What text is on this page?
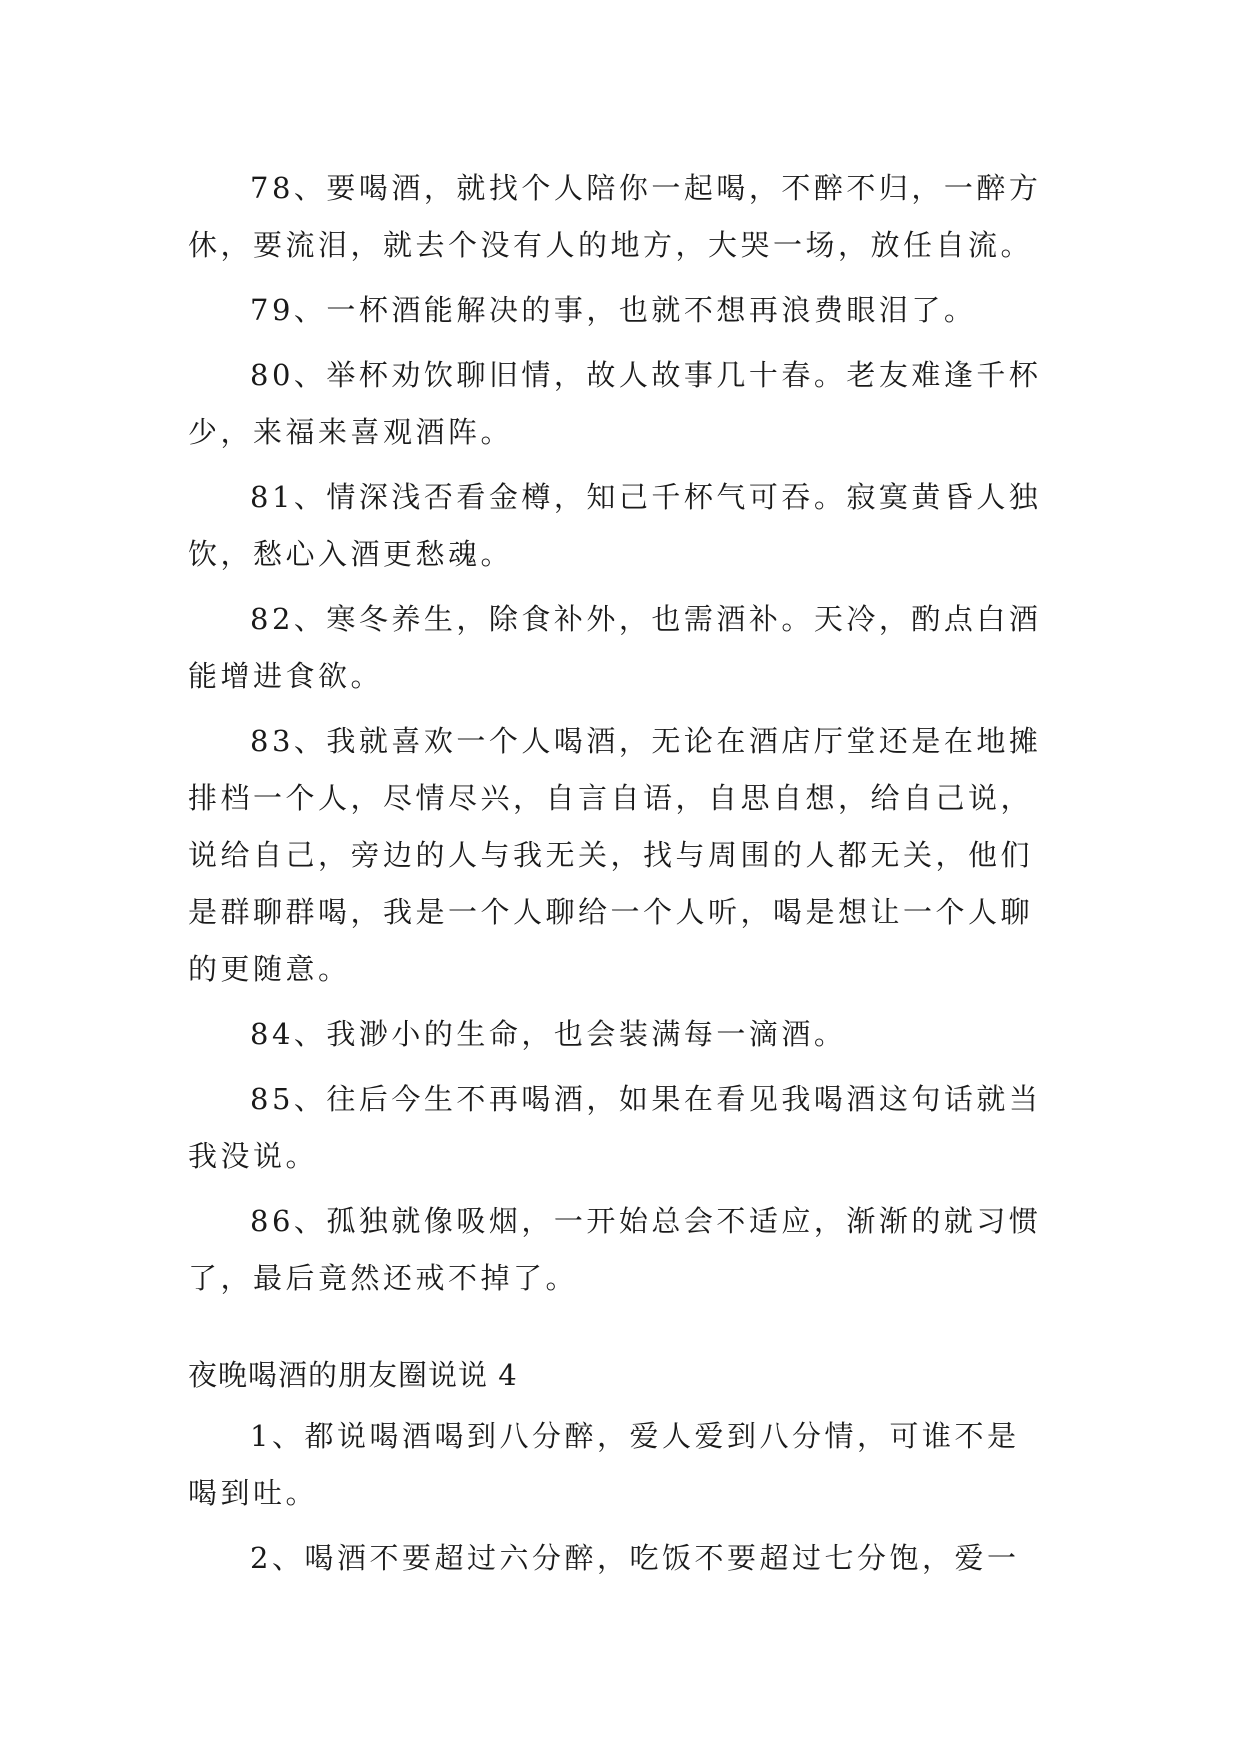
78、要喝酒，就找个人陪你一起喝，不醉不归，一醉方休，要流泪，就去个没有人的地方，大哭一场，放任自流。

79、一杯酒能解决的事，也就不想再浪费眼泪了。

80、举杯劝饮聊旧情，故人故事几十春。老友难逢千杯少，来福来喜观酒阵。

81、情深浅否看金樽，知己千杯气可吞。寂寞黄昏人独饮，愁心入酒更愁魂。

82、寒冬养生，除食补外，也需酒补。天冷，酌点白酒能增进食欲。

83、我就喜欢一个人喝酒，无论在酒店厅堂还是在地摊排档一个人，尽情尽兴，自言自语，自思自想，给自己说，说给自己，旁边的人与我无关，找与周围的人都无关，他们是群聊群喝，我是一个人聊给一个人听，喝是想让一个人聊的更随意。

84、我渺小的生命，也会装满每一滴酒。

85、往后今生不再喝酒，如果在看见我喝酒这句话就当我没说。

86、孤独就像吸烟，一开始总会不适应，渐渐的就习惯了，最后竟然还戒不掉了。

夜晚喝酒的朋友圈说说 4

1、都说喝酒喝到八分醉，爱人爱到八分情，可谁不是喝到吐。

2、喝酒不要超过六分醉，吃饭不要超过七分饱，爱一
